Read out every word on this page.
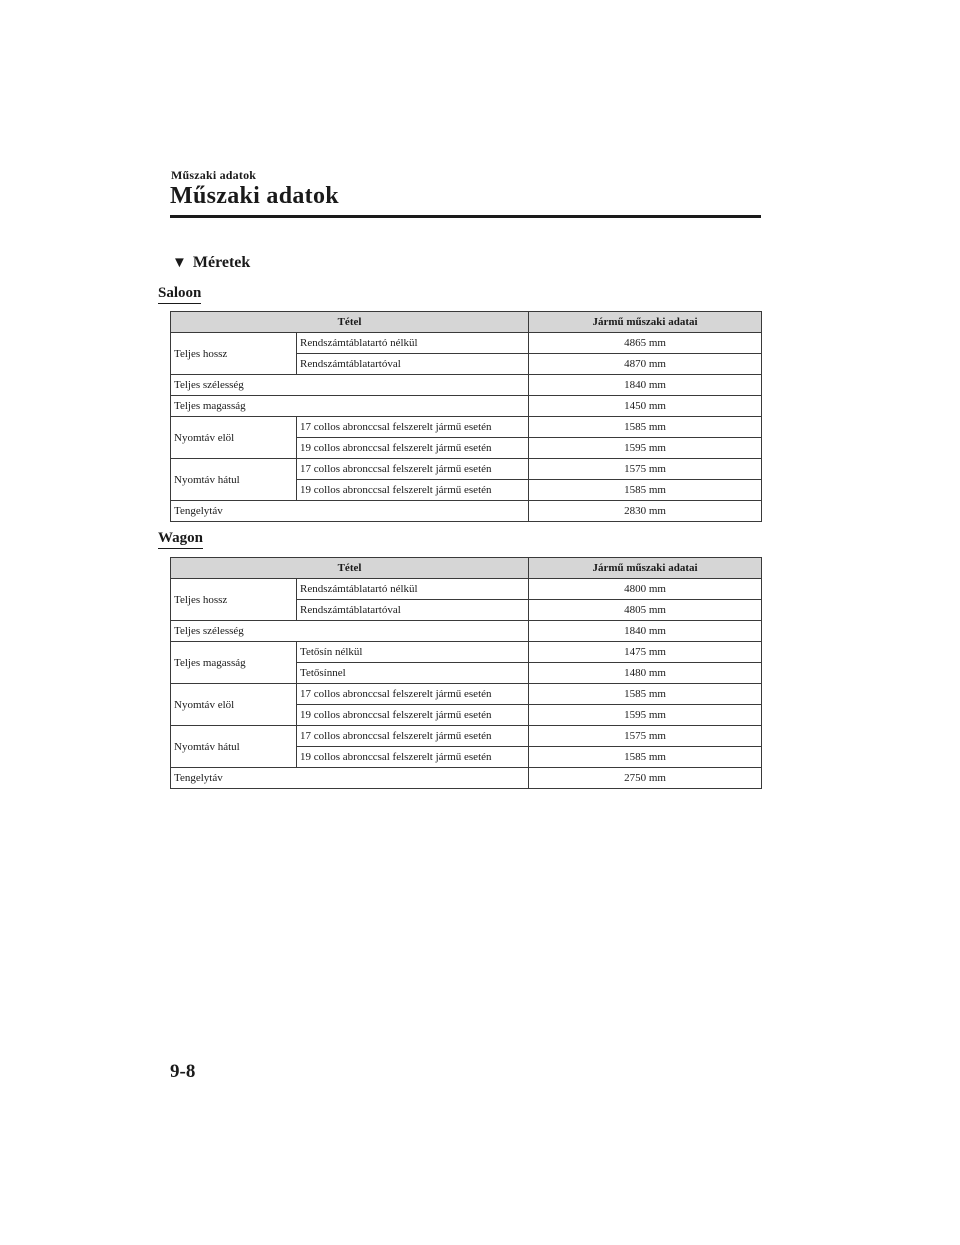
Műszaki adatok
Műszaki adatok
▼ Méretek
Saloon
Tétel		Jármű műszaki adatai
Teljes hossz	Rendszámtáblatartó nélkül	4865 mm
	Rendszámtáblatartóval	4870 mm
Teljes szélesség		1840 mm
Teljes magasság		1450 mm
Nyomtáv elöl	17 collos abronccsal felszerelt jármű esetén	1585 mm
	19 collos abronccsal felszerelt jármű esetén	1595 mm
Nyomtáv hátul	17 collos abronccsal felszerelt jármű esetén	1575 mm
	19 collos abronccsal felszerelt jármű esetén	1585 mm
Tengelytáv		2830 mm
Wagon
Tétel		Jármű műszaki adatai
Teljes hossz	Rendszámtáblatartó nélkül	4800 mm
	Rendszámtáblatartóval	4805 mm
Teljes szélesség		1840 mm
Teljes magasság	Tetősín nélkül	1475 mm
	Tetősínnel	1480 mm
Nyomtáv elöl	17 collos abronccsal felszerelt jármű esetén	1585 mm
	19 collos abronccsal felszerelt jármű esetén	1595 mm
Nyomtáv hátul	17 collos abronccsal felszerelt jármű esetén	1575 mm
	19 collos abronccsal felszerelt jármű esetén	1585 mm
Tengelytáv		2750 mm
9-8
